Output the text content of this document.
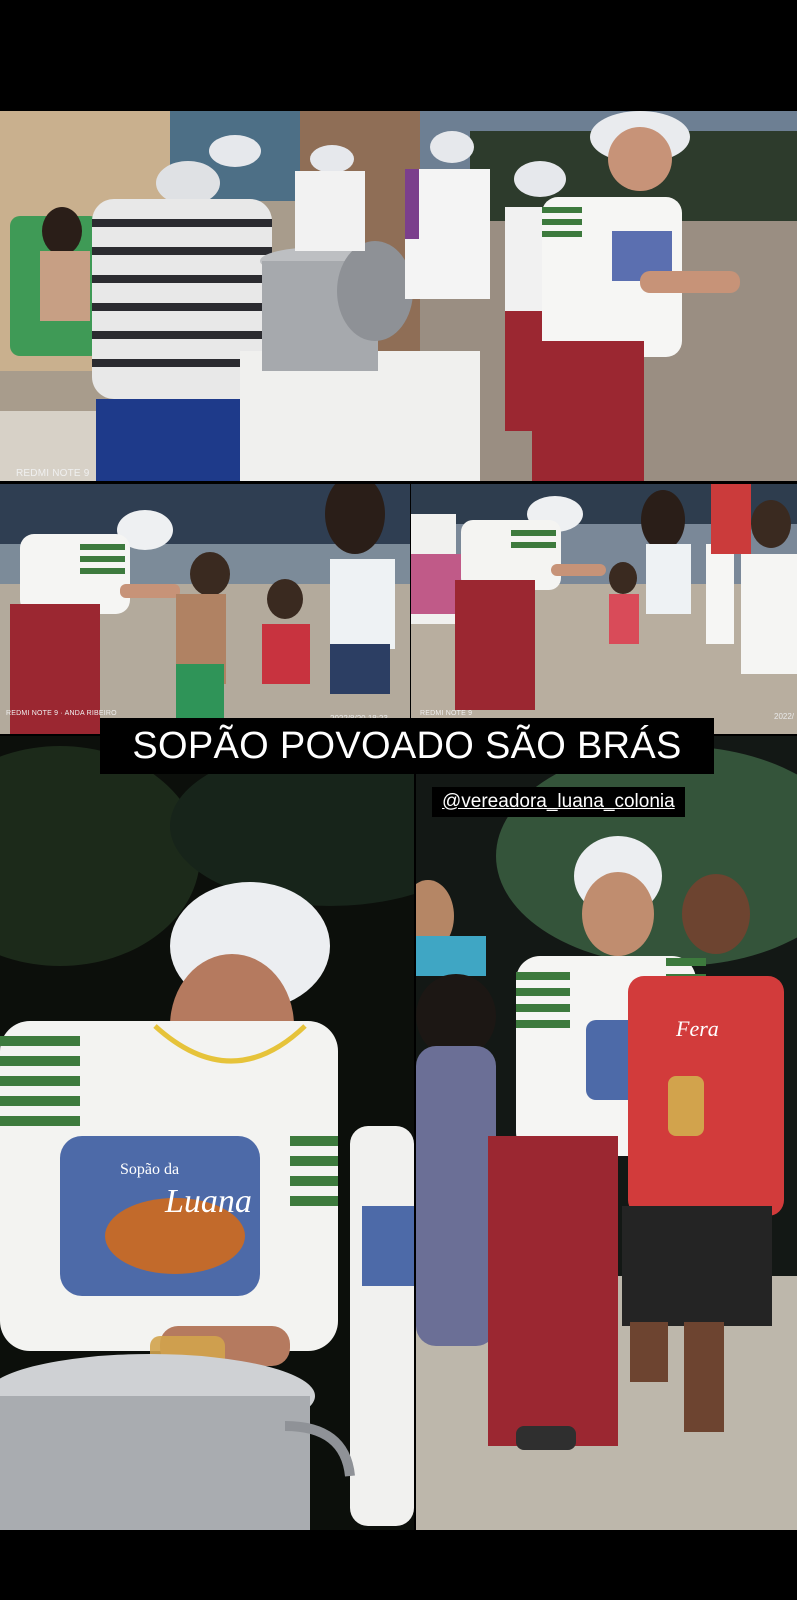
Sopão da
Luana
Fera
REDMI NOTE 9
REDMI NOTE 9 · ANDA RIBEIRO	REDMI NOTE 9	2022/
SOPÃO POVOADO SÃO BRÁS
@vereadora_luana_colonia
